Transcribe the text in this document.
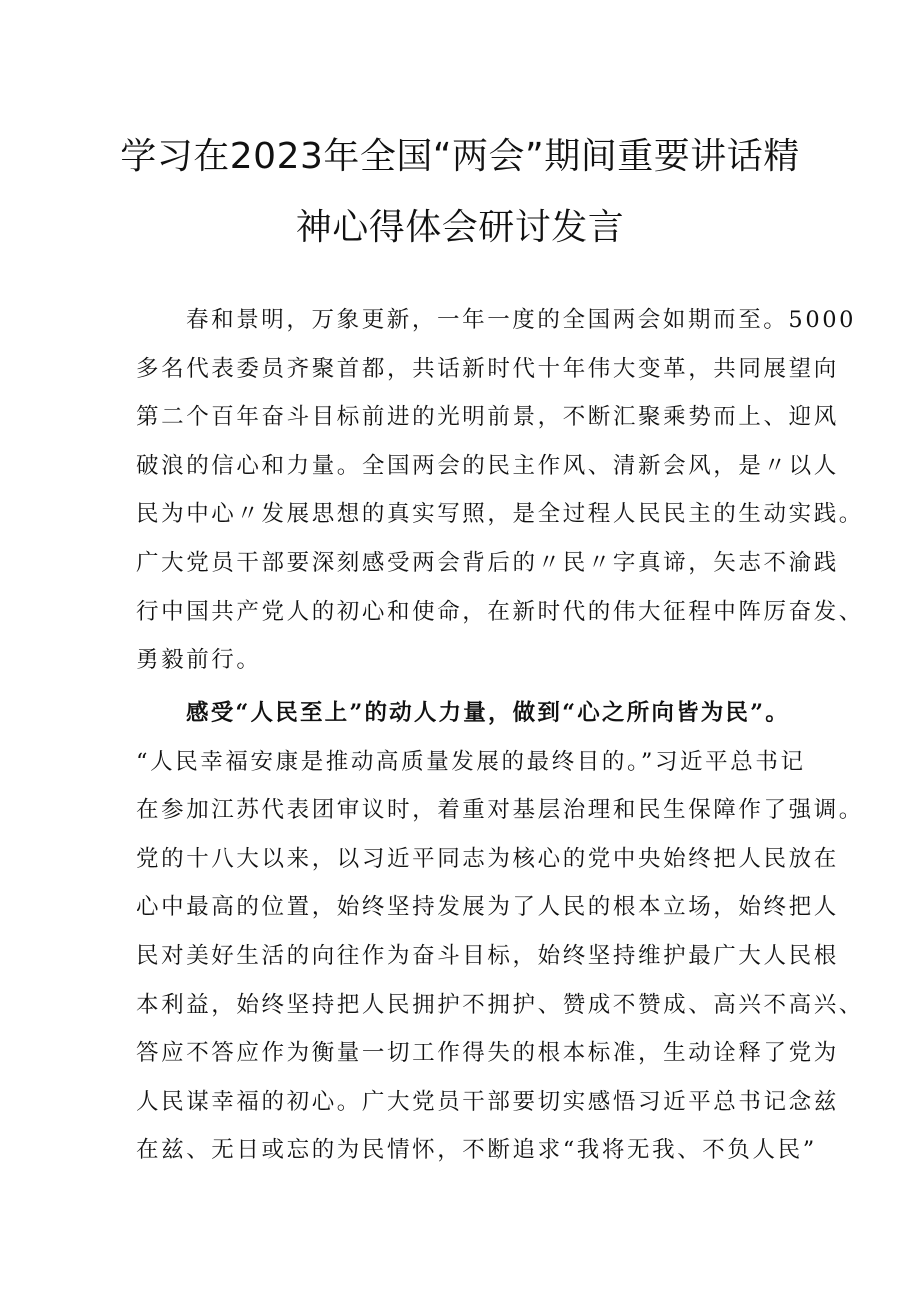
学习在2023年全国“两会”期间重要讲话精
神心得体会研讨发言

春和景明，万象更新，一年一度的全国两会如期而至。5000
多名代表委员齐聚首都，共话新时代十年伟大变革，共同展望向
第二个百年奋斗目标前进的光明前景，不断汇聚乘势而上、迎风
破浪的信心和力量。全国两会的民主作风、清新会风，是〃以人
民为中心〃发展思想的真实写照，是全过程人民民主的生动实践。
广大党员干部要深刻感受两会背后的〃民〃字真谛，矢志不渝践
行中国共产党人的初心和使命，在新时代的伟大征程中阵厉奋发、
勇毅前行。

感受“人民至上”的动人力量，做到“心之所向皆为民”。
“人民幸福安康是推动高质量发展的最终目的。”习近平总书记
在参加江苏代表团审议时，着重对基层治理和民生保障作了强调。
党的十八大以来，以习近平同志为核心的党中央始终把人民放在
心中最高的位置，始终坚持发展为了人民的根本立场，始终把人
民对美好生活的向往作为奋斗目标，始终坚持维护最广大人民根
本利益，始终坚持把人民拥护不拥护、赞成不赞成、高兴不高兴、
答应不答应作为衡量一切工作得失的根本标准，生动诠释了党为
人民谋幸福的初心。广大党员干部要切实感悟习近平总书记念兹
在兹、无日或忘的为民情怀，不断追求“我将无我、不负人民”
